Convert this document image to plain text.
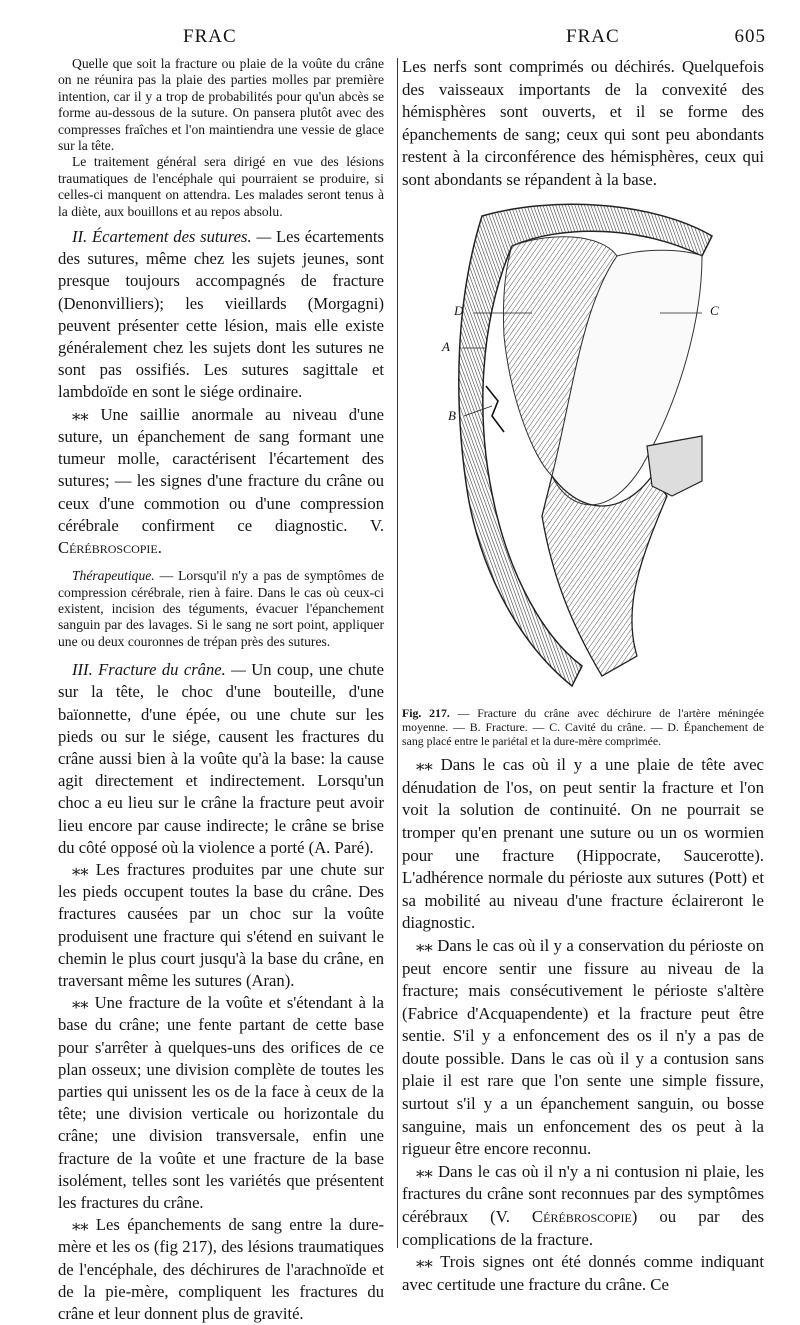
FRAC	FRAC	605

Quelle que soit la fracture ou plaie de la voûte du crâne on ne réunira pas la plaie des parties molles par première intention, car il y a trop de probabilités pour qu'un abcès se forme au-dessous de la suture. On pansera plutôt avec des compresses fraîches et l'on maintiendra une vessie de glace sur la tête.

Le traitement général sera dirigé en vue des lésions traumatiques de l'encéphale qui pourraient se produire, si celles-ci manquent on attendra. Les malades seront tenus à la diète, aux bouillons et au repos absolu.

II. Écartement des sutures. — Les écartements des sutures, même chez les sujets jeunes, sont presque toujours accompagnés de fracture (Denonvilliers); les vieillards (Morgagni) peuvent présenter cette lésion, mais elle existe généralement chez les sujets dont les sutures ne sont pas ossifiés. Les sutures sagittale et lambdoïde en sont le siége ordinaire.

⁎⁎ Une saillie anormale au niveau d'une suture, un épanchement de sang formant une tumeur molle, caractérisent l'écartement des sutures; — les signes d'une fracture du crâne ou ceux d'une commotion ou d'une compression cérébrale confirment ce diagnostic. V. Cérébroscopie.

Thérapeutique. — Lorsqu'il n'y a pas de symptômes de compression cérébrale, rien à faire. Dans le cas où ceux-ci existent, incision des téguments, évacuer l'épanchement sanguin par des lavages. Si le sang ne sort point, appliquer une ou deux couronnes de trépan près des sutures.

III. Fracture du crâne. — Un coup, une chute sur la tête, le choc d'une bouteille, d'une baïonnette, d'une épée, ou une chute sur les pieds ou sur le siége, causent les fractures du crâne aussi bien à la voûte qu'à la base: la cause agit directement et indirectement. Lorsqu'un choc a eu lieu sur le crâne la fracture peut avoir lieu encore par cause indirecte; le crâne se brise du côté opposé où la violence a porté (A. Paré).

⁎⁎ Les fractures produites par une chute sur les pieds occupent toutes la base du crâne. Des fractures causées par un choc sur la voûte produisent une fracture qui s'étend en suivant le chemin le plus court jusqu'à la base du crâne, en traversant même les sutures (Aran).

⁎⁎ Une fracture de la voûte et s'étendant à la base du crâne; une fente partant de cette base pour s'arrêter à quelques-uns des orifices de ce plan osseux; une division complète de toutes les parties qui unissent les os de la face à ceux de la tête; une division verticale ou horizontale du crâne; une division transversale, enfin une fracture de la voûte et une fracture de la base isolément, telles sont les variétés que présentent les fractures du crâne.

⁎⁎ Les épanchements de sang entre la dure-mère et les os (fig 217), des lésions traumatiques de l'encéphale, des déchirures de l'arachnoïde et de la pie-mère, compliquent les fractures du crâne et leur donnent plus de gravité.

Les nerfs sont comprimés ou déchirés. Quelquefois des vaisseaux importants de la convexité des hémisphères sont ouverts, et il se forme des épanchements de sang; ceux qui sont peu abondants restent à la circonférence des hémisphères, ceux qui sont abondants se répandent à la base.

D	C
A
B

Fig. 217. — Fracture du crâne avec déchirure de l'artère méningée moyenne. — B. Fracture. — C. Cavité du crâne. — D. Épanchement de sang placé entre le pariétal et la dure-mère comprimée.

⁎⁎ Dans le cas où il y a une plaie de tête avec dénudation de l'os, on peut sentir la fracture et l'on voit la solution de continuité. On ne pourrait se tromper qu'en prenant une suture ou un os wormien pour une fracture (Hippocrate, Saucerotte). L'adhérence normale du périoste aux sutures (Pott) et sa mobilité au niveau d'une fracture éclaireront le diagnostic.

⁎⁎ Dans le cas où il y a conservation du périoste on peut encore sentir une fissure au niveau de la fracture; mais consécutivement le périoste s'altère (Fabrice d'Acquapendente) et la fracture peut être sentie. S'il y a enfoncement des os il n'y a pas de doute possible. Dans le cas où il y a contusion sans plaie il est rare que l'on sente une simple fissure, surtout s'il y a un épanchement sanguin, ou bosse sanguine, mais un enfoncement des os peut à la rigueur être encore reconnu.

⁎⁎ Dans le cas où il n'y a ni contusion ni plaie, les fractures du crâne sont reconnues par des symptômes cérébraux (V. Cérébroscopie) ou par des complications de la fracture.

⁎⁎ Trois signes ont été donnés comme indiquant avec certitude une fracture du crâne. Ce
